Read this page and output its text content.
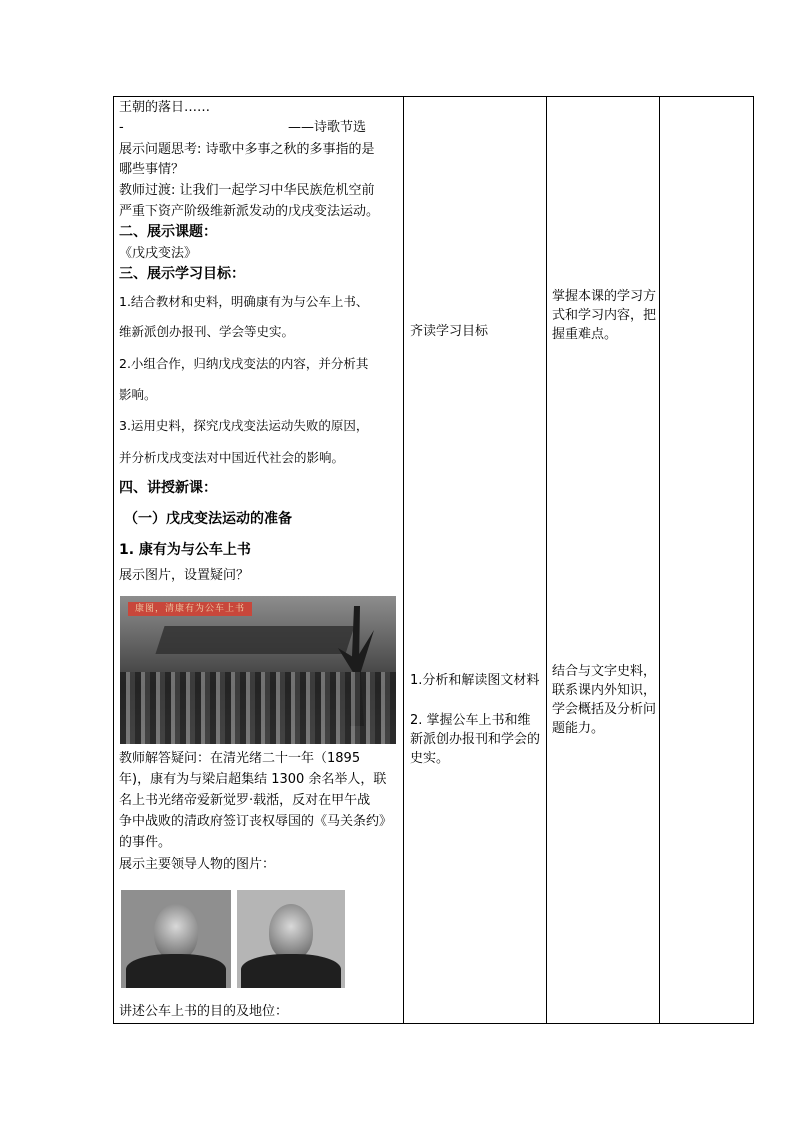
王朝的落日……
-	——诗歌节选
展示问题思考: 诗歌中多事之秋的多事指的是
哪些事情？
教师过渡: 让我们一起学习中华民族危机空前
严重下资产阶级维新派发动的戊戌变法运动。
二、展示课题：
《戊戌变法》
三、展示学习目标：
1.结合教材和史料，明确康有为与公车上书、
维新派创办报刊、学会等史实。
2.小组合作，归纳戊戌变法的内容，并分析其
影响。
3.运用史料，探究戊戌变法运动失败的原因，
并分析戊戌变法对中国近代社会的影响。
四、讲授新课：
（一）戊戌变法运动的准备
1. 康有为与公车上书
展示图片，设置疑问？
康图，清康有为公车上书
教师解答疑问：在清光绪二十一年（1895
年)，康有为与梁启超集结 1300 余名举人，联
名上书光绪帝爱新觉罗·载湉，反对在甲午战
争中战败的清政府签订丧权辱国的《马关条约》
的事件。
展示主要领导人物的图片：
讲述公车上书的目的及地位：
齐读学习目标
1.分析和解读图文材料
2. 掌握公车上书和维新派创办报刊和学会的史实。
掌握本课的学习方式和学习内容，把握重难点。
结合与文字史料，联系课内外知识，学会概括及分析问题能力。
